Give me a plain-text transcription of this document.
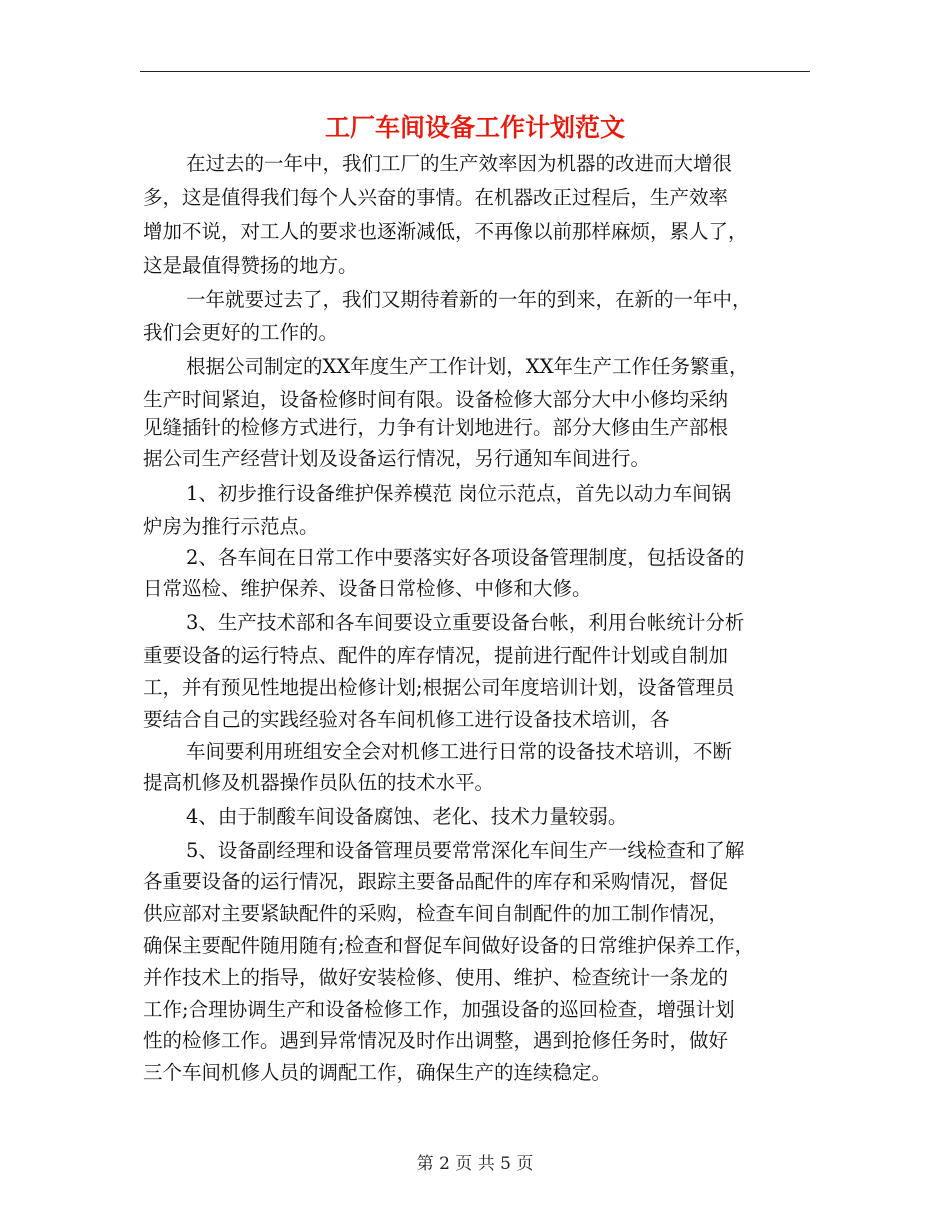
工厂车间设备工作计划范文

在过去的一年中，我们工厂的生产效率因为机器的改进而大增很

多，这是值得我们每个人兴奋的事情。在机器改正过程后，生产效率

增加不说，对工人的要求也逐渐减低，不再像以前那样麻烦，累人了，

这是最值得赞扬的地方。

一年就要过去了，我们又期待着新的一年的到来，在新的一年中，

我们会更好的工作的。

根据公司制定的XX年度生产工作计划，XX年生产工作任务繁重，

生产时间紧迫，设备检修时间有限。设备检修大部分大中小修均采纳

见缝插针的检修方式进行，力争有计划地进行。部分大修由生产部根

据公司生产经营计划及设备运行情况，另行通知车间进行。

1、初步推行设备维护保养模范 岗位示范点，首先以动力车间锅

炉房为推行示范点。

2、各车间在日常工作中要落实好各项设备管理制度，包括设备的

日常巡检、维护保养、设备日常检修、中修和大修。

3、生产技术部和各车间要设立重要设备台帐，利用台帐统计分析

重要设备的运行特点、配件的库存情况，提前进行配件计划或自制加

工，并有预见性地提出检修计划;根据公司年度培训计划，设备管理员

要结合自己的实践经验对各车间机修工进行设备技术培训，各

车间要利用班组安全会对机修工进行日常的设备技术培训，不断

提高机修及机器操作员队伍的技术水平。

4、由于制酸车间设备腐蚀、老化、技术力量较弱。

5、设备副经理和设备管理员要常常深化车间生产一线检查和了解

各重要设备的运行情况，跟踪主要备品配件的库存和采购情况，督促

供应部对主要紧缺配件的采购，检查车间自制配件的加工制作情况，

确保主要配件随用随有;检查和督促车间做好设备的日常维护保养工作，

并作技术上的指导，做好安装检修、使用、维护、检查统计一条龙的

工作;合理协调生产和设备检修工作，加强设备的巡回检查，增强计划

性的检修工作。遇到异常情况及时作出调整，遇到抢修任务时，做好

三个车间机修人员的调配工作，确保生产的连续稳定。

第 2 页 共 5 页
